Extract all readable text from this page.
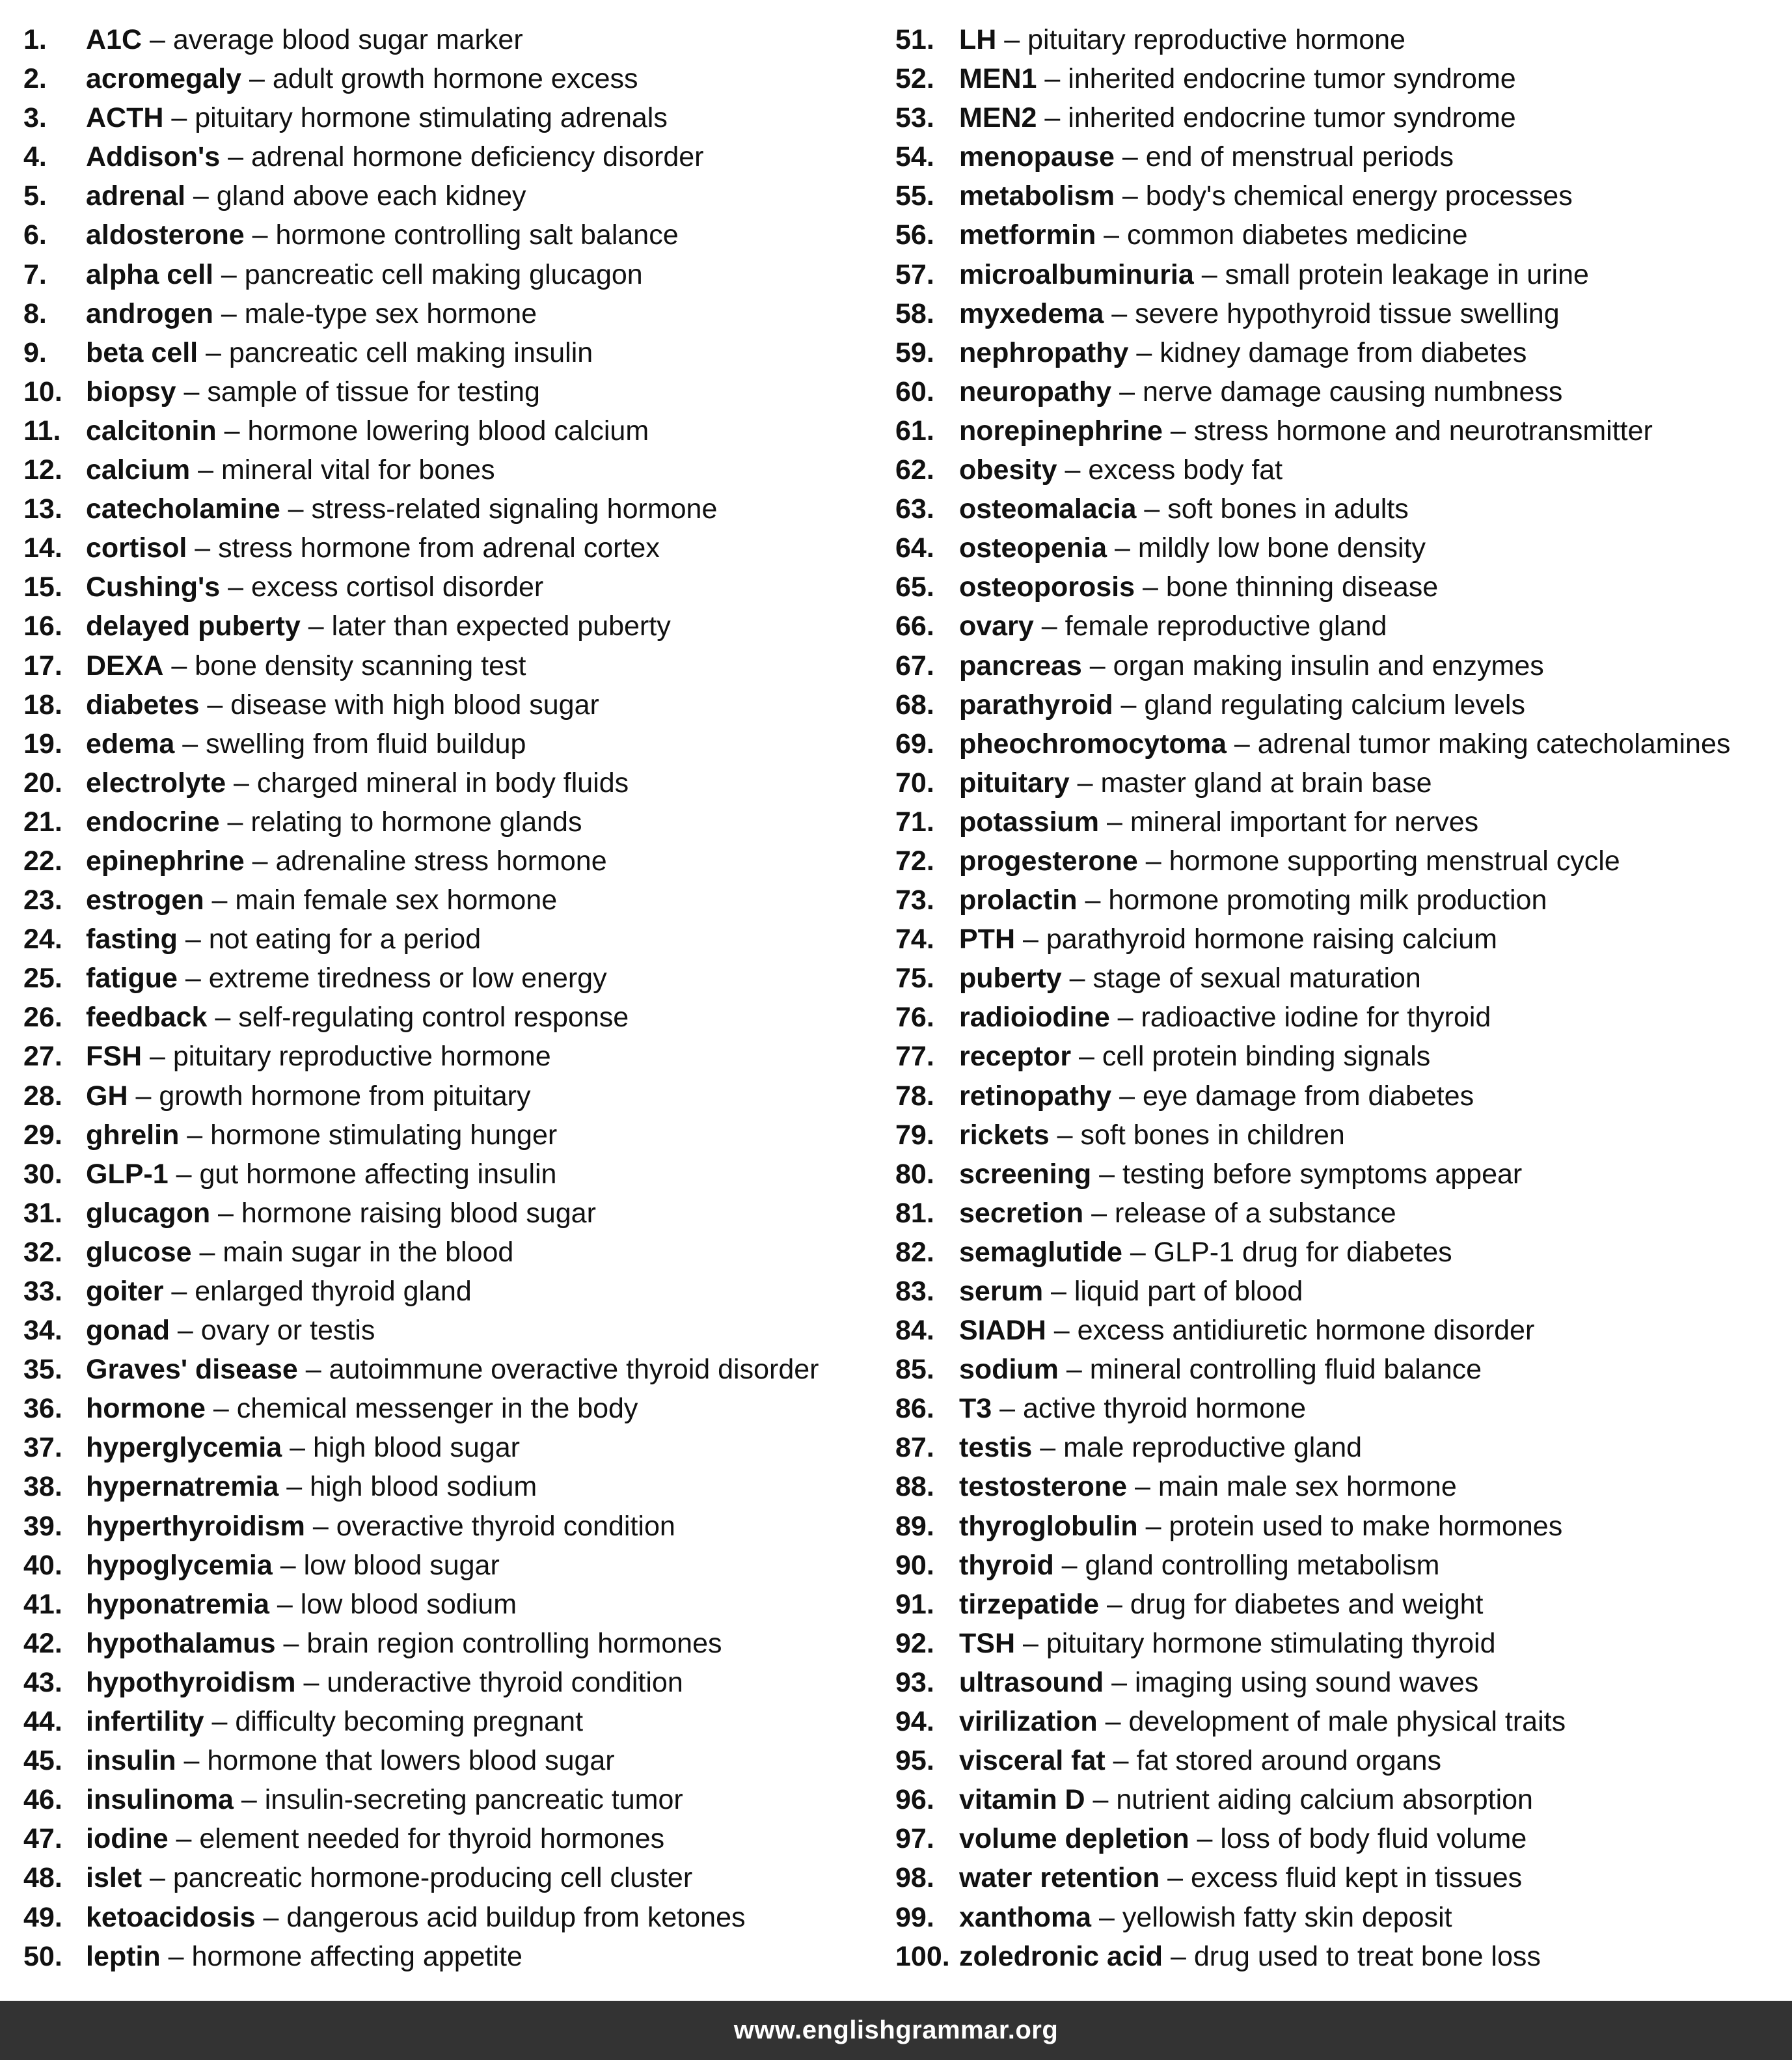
1.	A1C – average blood sugar marker
2.	acromegaly – adult growth hormone excess
3.	ACTH – pituitary hormone stimulating adrenals
4.	Addison's – adrenal hormone deficiency disorder
5.	adrenal – gland above each kidney
6.	aldosterone – hormone controlling salt balance
7.	alpha cell – pancreatic cell making glucagon
8.	androgen – male-type sex hormone
9.	beta cell – pancreatic cell making insulin
10. biopsy – sample of tissue for testing
11. calcitonin – hormone lowering blood calcium
12. calcium – mineral vital for bones
13. catecholamine – stress-related signaling hormone
14. cortisol – stress hormone from adrenal cortex
15. Cushing's – excess cortisol disorder
16. delayed puberty – later than expected puberty
17. DEXA – bone density scanning test
18. diabetes – disease with high blood sugar
19. edema – swelling from fluid buildup
20. electrolyte – charged mineral in body fluids
21. endocrine – relating to hormone glands
22. epinephrine – adrenaline stress hormone
23. estrogen – main female sex hormone
24. fasting – not eating for a period
25. fatigue – extreme tiredness or low energy
26. feedback – self-regulating control response
27. FSH – pituitary reproductive hormone
28. GH – growth hormone from pituitary
29. ghrelin – hormone stimulating hunger
30. GLP-1 – gut hormone affecting insulin
31. glucagon – hormone raising blood sugar
32. glucose – main sugar in the blood
33. goiter – enlarged thyroid gland
34. gonad – ovary or testis
35. Graves' disease – autoimmune overactive thyroid disorder
36. hormone – chemical messenger in the body
37. hyperglycemia – high blood sugar
38. hypernatremia – high blood sodium
39. hyperthyroidism – overactive thyroid condition
40. hypoglycemia – low blood sugar
41. hyponatremia – low blood sodium
42. hypothalamus – brain region controlling hormones
43. hypothyroidism – underactive thyroid condition
44. infertility – difficulty becoming pregnant
45. insulin – hormone that lowers blood sugar
46. insulinoma – insulin-secreting pancreatic tumor
47. iodine – element needed for thyroid hormones
48. islet – pancreatic hormone-producing cell cluster
49. ketoacidosis – dangerous acid buildup from ketones
50. leptin – hormone affecting appetite
51. LH – pituitary reproductive hormone
52. MEN1 – inherited endocrine tumor syndrome
53. MEN2 – inherited endocrine tumor syndrome
54. menopause – end of menstrual periods
55. metabolism – body's chemical energy processes
56. metformin – common diabetes medicine
57. microalbuminuria – small protein leakage in urine
58. myxedema – severe hypothyroid tissue swelling
59. nephropathy – kidney damage from diabetes
60. neuropathy – nerve damage causing numbness
61. norepinephrine – stress hormone and neurotransmitter
62. obesity – excess body fat
63. osteomalacia – soft bones in adults
64. osteopenia – mildly low bone density
65. osteoporosis – bone thinning disease
66. ovary – female reproductive gland
67. pancreas – organ making insulin and enzymes
68. parathyroid – gland regulating calcium levels
69. pheochromocytoma – adrenal tumor making catecholamines
70. pituitary – master gland at brain base
71. potassium – mineral important for nerves
72. progesterone – hormone supporting menstrual cycle
73. prolactin – hormone promoting milk production
74. PTH – parathyroid hormone raising calcium
75. puberty – stage of sexual maturation
76. radioiodine – radioactive iodine for thyroid
77. receptor – cell protein binding signals
78. retinopathy – eye damage from diabetes
79. rickets – soft bones in children
80. screening – testing before symptoms appear
81. secretion – release of a substance
82. semaglutide – GLP-1 drug for diabetes
83. serum – liquid part of blood
84. SIADH – excess antidiuretic hormone disorder
85. sodium – mineral controlling fluid balance
86. T3 – active thyroid hormone
87. testis – male reproductive gland
88. testosterone – main male sex hormone
89. thyroglobulin – protein used to make hormones
90. thyroid – gland controlling metabolism
91. tirzepatide – drug for diabetes and weight
92. TSH – pituitary hormone stimulating thyroid
93. ultrasound – imaging using sound waves
94. virilization – development of male physical traits
95. visceral fat – fat stored around organs
96. vitamin D – nutrient aiding calcium absorption
97. volume depletion – loss of body fluid volume
98. water retention – excess fluid kept in tissues
99. xanthoma – yellowish fatty skin deposit
100. zoledronic acid – drug used to treat bone loss
www.englishgrammar.org
